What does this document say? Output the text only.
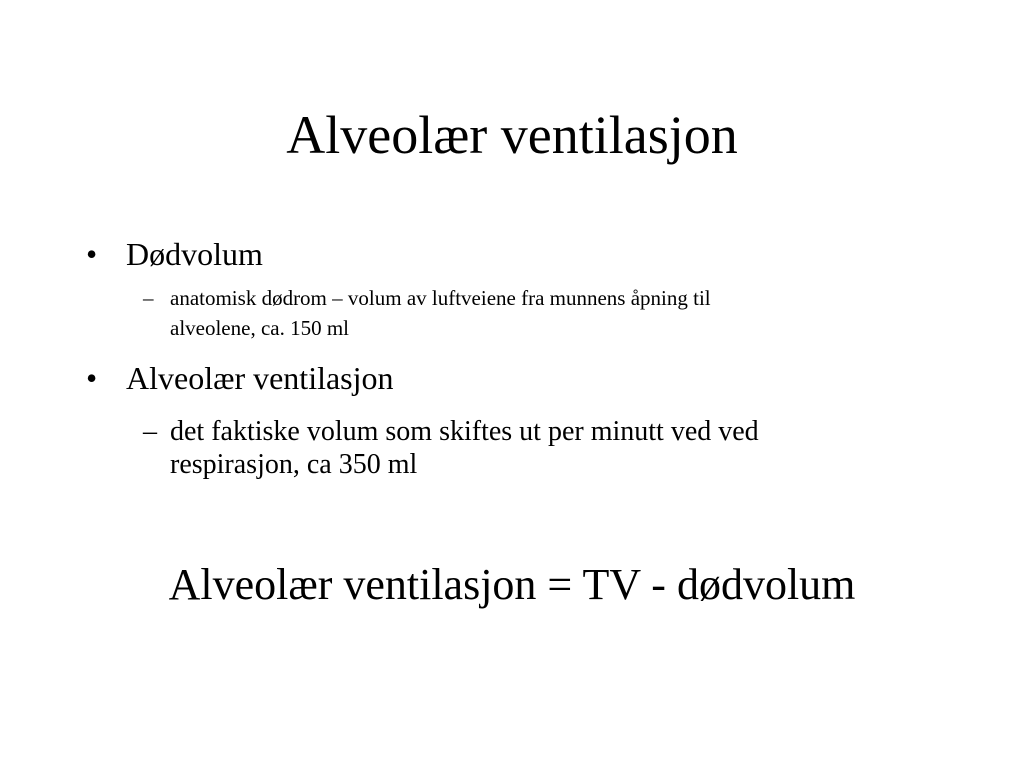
Alveolær ventilasjon
• Dødvolum
– anatomisk dødrom – volum av luftveiene fra munnens åpning til
alveolene, ca. 150 ml
• Alveolær ventilasjon
– det faktiske volum som skiftes ut per minutt ved ved
respirasjon, ca 350 ml
Alveolær ventilasjon = TV - dødvolum
